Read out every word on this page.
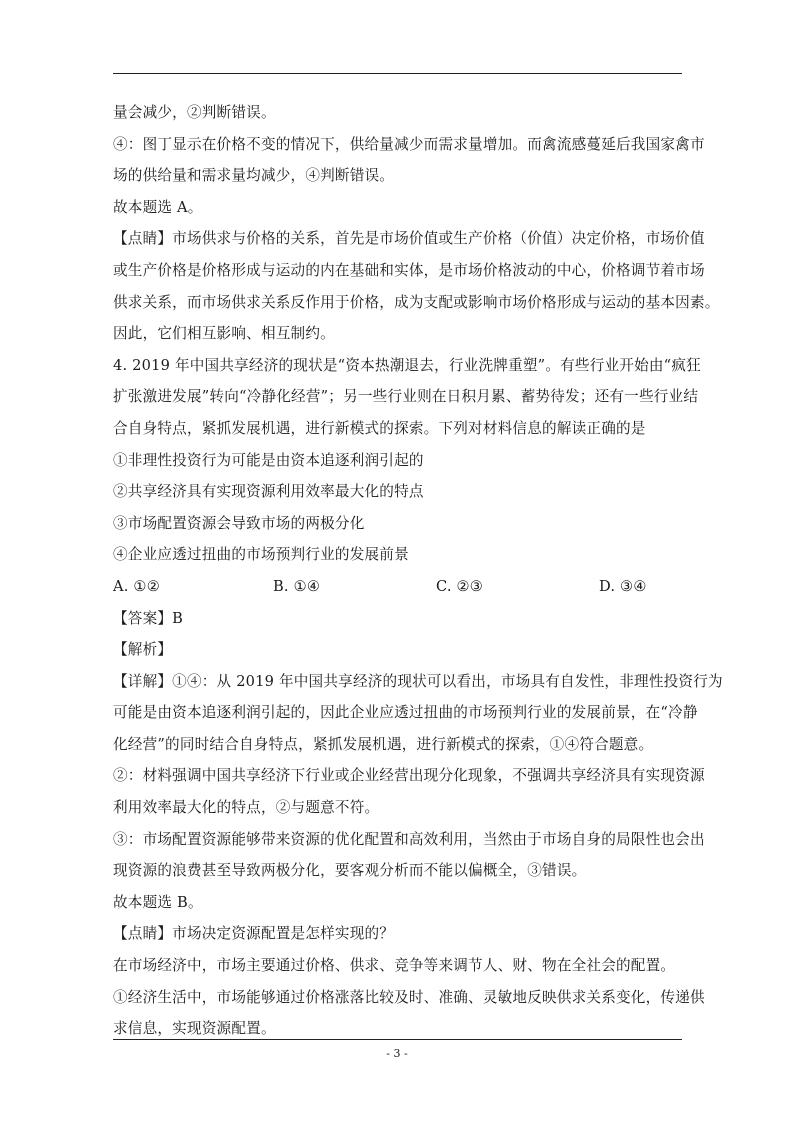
量会减少，②判断错误。
④：图丁显示在价格不变的情况下，供给量减少而需求量增加。而禽流感蔓延后我国家禽市
场的供给量和需求量均减少，④判断错误。
故本题选 A。
【点睛】市场供求与价格的关系，首先是市场价值或生产价格（价值）决定价格，市场价值
或生产价格是价格形成与运动的内在基础和实体，是市场价格波动的中心，价格调节着市场
供求关系，而市场供求关系反作用于价格，成为支配或影响市场价格形成与运动的基本因素。
因此，它们相互影响、相互制约。
4. 2019 年中国共享经济的现状是“资本热潮退去，行业洗牌重塑”。有些行业开始由“疯狂
扩张激进发展”转向“冷静化经营”；另一些行业则在日积月累、蓄势待发；还有一些行业结
合自身特点，紧抓发展机遇，进行新模式的探索。下列对材料信息的解读正确的是
①非理性投资行为可能是由资本追逐利润引起的
②共享经济具有实现资源利用效率最大化的特点
③市场配置资源会导致市场的两极分化
④企业应透过扭曲的市场预判行业的发展前景
A. ①②	B. ①④	C. ②③	D. ③④
【答案】B
【解析】
【详解】①④：从 2019 年中国共享经济的现状可以看出，市场具有自发性，非理性投资行为
可能是由资本追逐利润引起的，因此企业应透过扭曲的市场预判行业的发展前景，在“冷静
化经营”的同时结合自身特点，紧抓发展机遇，进行新模式的探索，①④符合题意。
②：材料强调中国共享经济下行业或企业经营出现分化现象，不强调共享经济具有实现资源
利用效率最大化的特点，②与题意不符。
③：市场配置资源能够带来资源的优化配置和高效利用，当然由于市场自身的局限性也会出
现资源的浪费甚至导致两极分化，要客观分析而不能以偏概全，③错误。
故本题选 B。
【点睛】市场决定资源配置是怎样实现的？
在市场经济中，市场主要通过价格、供求、竞争等来调节人、财、物在全社会的配置。
①经济生活中，市场能够通过价格涨落比较及时、准确、灵敏地反映供求关系变化，传递供
求信息，实现资源配置。
- 3 -
